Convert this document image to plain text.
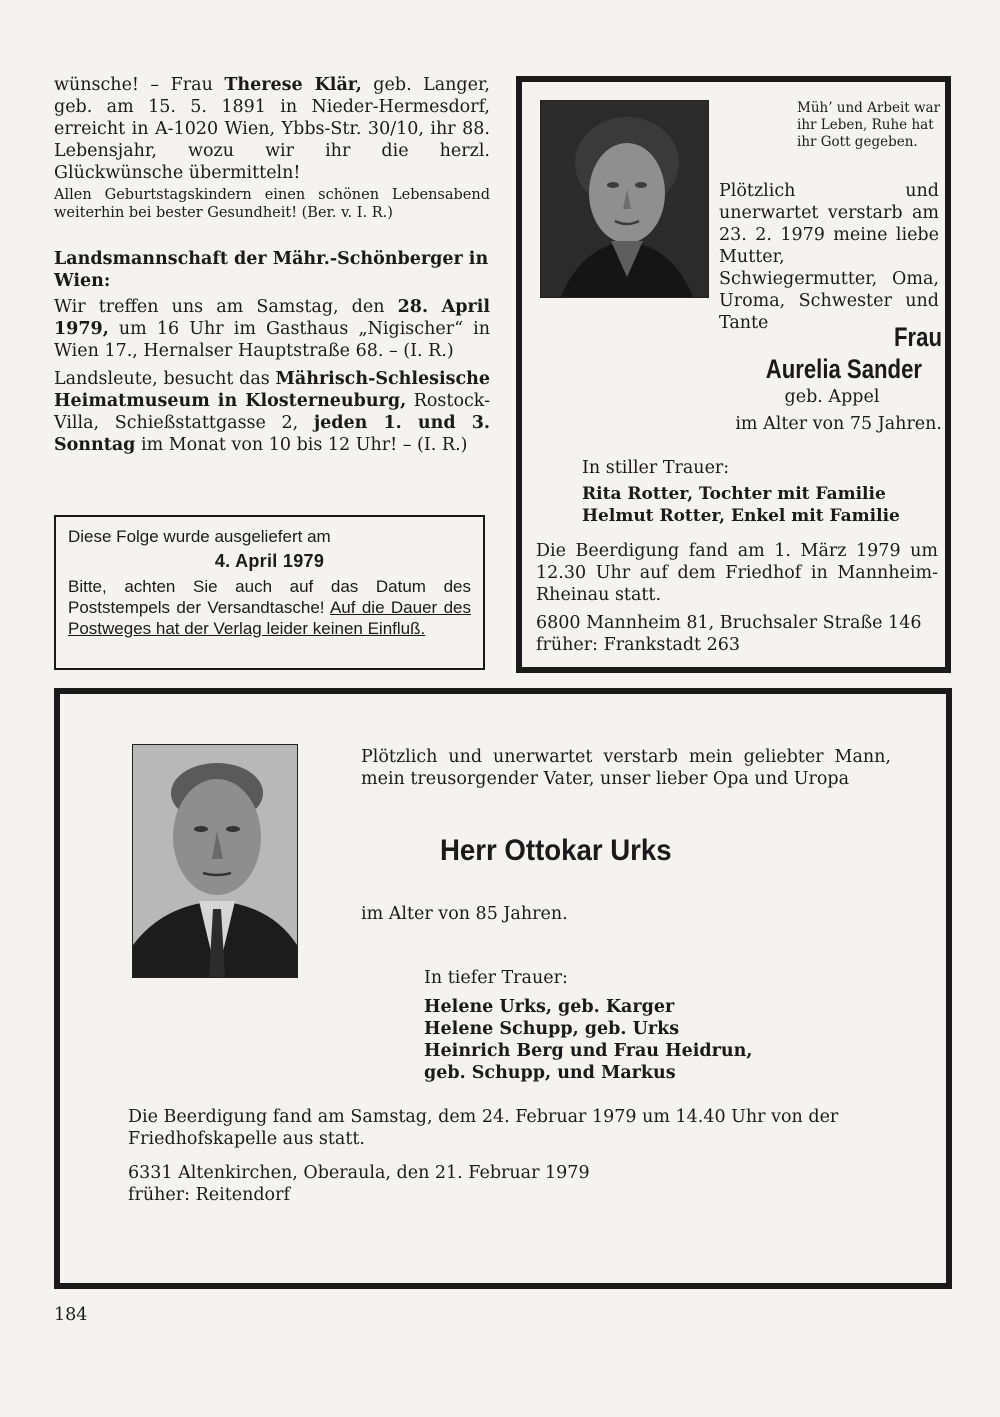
wünsche! – Frau Therese Klär, geb. Langer, geb. am 15. 5. 1891 in Nieder-Hermesdorf, erreicht in A-1020 Wien, Ybbs-Str. 30/10, ihr 88. Lebensjahr, wozu wir ihr die herzl. Glückwünsche übermitteln!

Allen Geburtstagskindern einen schönen Lebensabend weiterhin bei bester Gesundheit! (Ber. v. I. R.)

Landsmannschaft der Mähr.-Schönberger in Wien:

Wir treffen uns am Samstag, den 28. April 1979, um 16 Uhr im Gasthaus „Nigischer“ in Wien 17., Hernalser Hauptstraße 68. – (I. R.)

Landsleute, besucht das Mährisch-Schlesische Heimatmuseum in Klosterneuburg, Rostock-Villa, Schießstattgasse 2, jeden 1. und 3. Sonntag im Monat von 10 bis 12 Uhr! – (I. R.)

Diese Folge wurde ausgeliefert am

4. April 1979

Bitte, achten Sie auch auf das Datum des Poststempels der Versandtasche! Auf die Dauer des Postweges hat der Verlag leider keinen Einfluß.

Müh’ und Arbeit war ihr Leben, Ruhe hat ihr Gott gegeben.

Plötzlich und unerwartet verstarb am 23. 2. 1979 meine liebe Mutter, Schwiegermutter, Oma, Uroma, Schwester und Tante	Frau
Aurelia Sander
geb. Appel
im Alter von 75 Jahren.
In stiller Trauer:
Rita Rotter, Tochter mit Familie
Helmut Rotter, Enkel mit Familie

Die Beerdigung fand am 1. März 1979 um 12.30 Uhr auf dem Friedhof in Mannheim-Rheinau statt.

6800 Mannheim 81, Bruchsaler Straße 146
früher: Frankstadt 263

Plötzlich und unerwartet verstarb mein geliebter Mann, mein treusorgender Vater, unser lieber Opa und Uropa

Herr Ottokar Urks
im Alter von 85 Jahren.
In tiefer Trauer:
Helene Urks, geb. Karger
Helene Schupp, geb. Urks
Heinrich Berg und Frau Heidrun,
geb. Schupp, und Markus

Die Beerdigung fand am Samstag, dem 24. Februar 1979 um 14.40 Uhr von der Friedhofskapelle aus statt.

6331 Altenkirchen, Oberaula, den 21. Februar 1979
früher: Reitendorf

184
